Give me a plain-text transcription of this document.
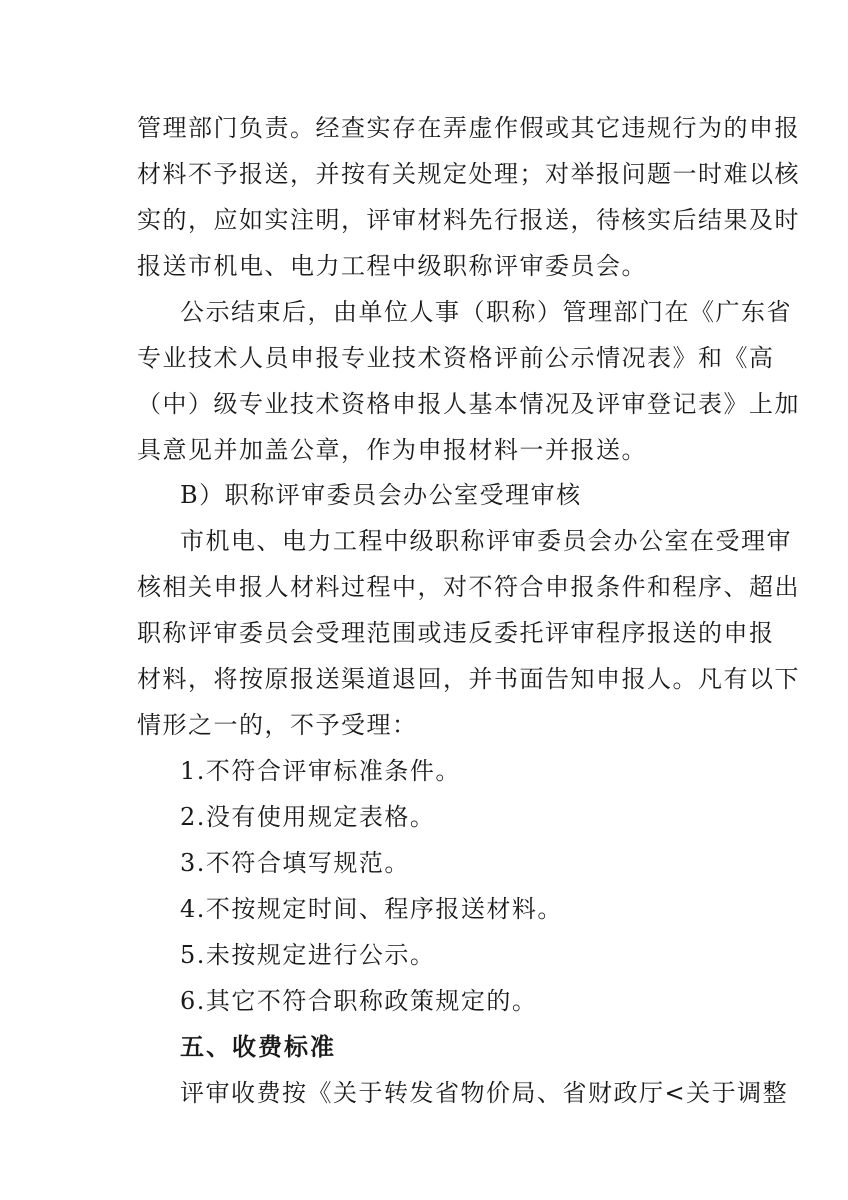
管理部门负责。经查实存在弄虚作假或其它违规行为的申报
材料不予报送，并按有关规定处理；对举报问题一时难以核
实的，应如实注明，评审材料先行报送，待核实后结果及时
报送市机电、电力工程中级职称评审委员会。
公示结束后，由单位人事（职称）管理部门在《广东省
专业技术人员申报专业技术资格评前公示情况表》和《高
（中）级专业技术资格申报人基本情况及评审登记表》上加
具意见并加盖公章，作为申报材料一并报送。
B）职称评审委员会办公室受理审核
市机电、电力工程中级职称评审委员会办公室在受理审
核相关申报人材料过程中，对不符合申报条件和程序、超出
职称评审委员会受理范围或违反委托评审程序报送的申报
材料，将按原报送渠道退回，并书面告知申报人。凡有以下
情形之一的，不予受理：
1.不符合评审标准条件。
2.没有使用规定表格。
3.不符合填写规范。
4.不按规定时间、程序报送材料。
5.未按规定进行公示。
6.其它不符合职称政策规定的。
五、收费标准
评审收费按《关于转发省物价局、省财政厅<关于调整
